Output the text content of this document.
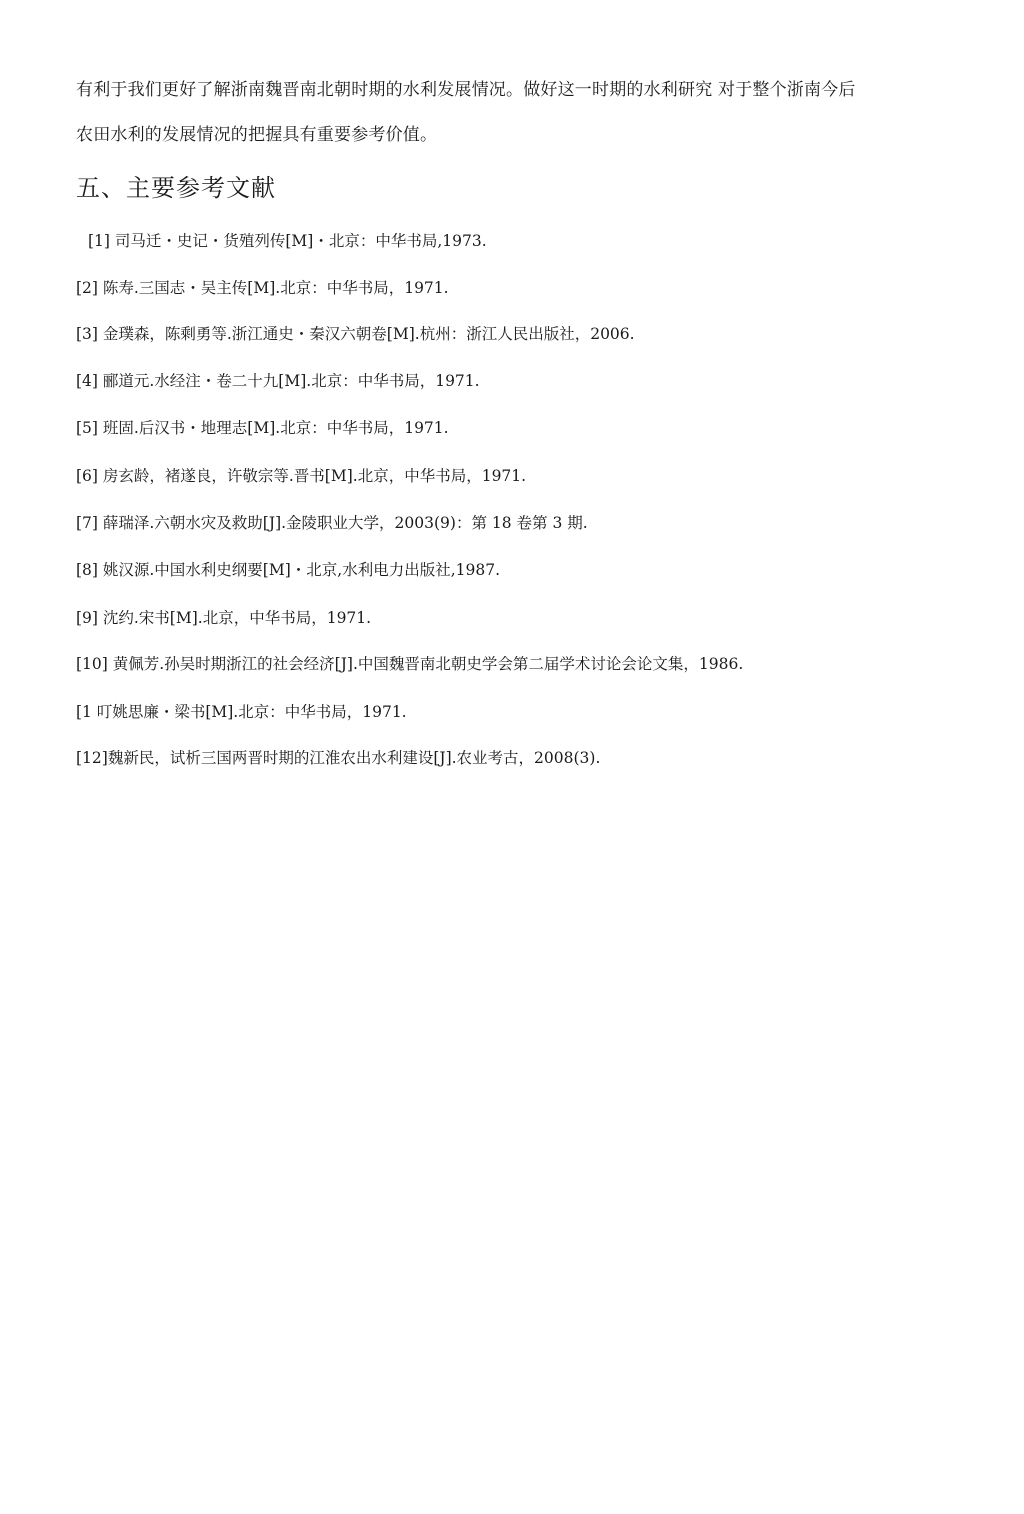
有利于我们更好了解浙南魏晋南北朝时期的水利发展情况。做好这一时期的水利研究 对于整个浙南今后
农田水利的发展情况的把握具有重要参考价值。
五、主要参考文献
[1] 司马迁・史记・货殖列传[M]・北京：中华书局,1973.
[2] 陈寿.三国志・吴主传[M].北京：中华书局，1971.
[3] 金璞森，陈剩勇等.浙江通史・秦汉六朝卷[M].杭州：浙江人民出版社，2006.
[4] 郦道元.水经注・卷二十九[M].北京：中华书局，1971.
[5] 班固.后汉书・地理志[M].北京：中华书局，1971.
[6] 房玄龄，褚遂良，许敬宗等.晋书[M].北京，中华书局，1971.
[7] 薛瑞泽.六朝水灾及救助[J].金陵职业大学，2003(9)：第 18 卷第 3 期.
[8] 姚汉源.中国水利史纲要[M]・北京,水利电力出版社,1987.
[9] 沈约.宋书[M].北京，中华书局，1971.
[10] 黄佩芳.孙吴时期浙江的社会经济[J].中国魏晋南北朝史学会第二届学术讨论会论文集，1986.
[1 叮姚思廉・梁书[M].北京：中华书局，1971.
[12]魏新民，试析三国两晋时期的江淮农出水利建设[J].农业考古，2008(3).
